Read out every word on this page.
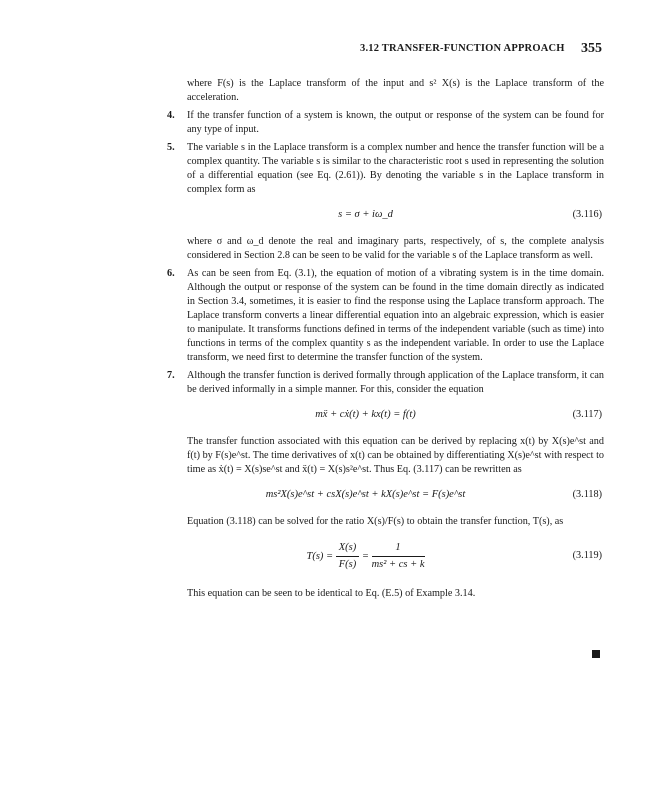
3.12 TRANSFER-FUNCTION APPROACH 355

where F(s) is the Laplace transform of the input and s² X(s) is the Laplace transform of the acceleration.

4. If the transfer function of a system is known, the output or response of the system can be found for any type of input.
5. The variable s in the Laplace transform is a complex number and hence the transfer function will be a complex quantity. The variable s is similar to the characteristic root s used in representing the solution of a differential equation (see Eq. (2.61)). By denoting the variable s in the Laplace transform in complex form as
s = σ + iω_d	(3.116)

where σ and ω_d denote the real and imaginary parts, respectively, of s, the complete analysis considered in Section 2.8 can be seen to be valid for the variable s of the Laplace transform as well.

6. As can be seen from Eq. (3.1), the equation of motion of a vibrating system is in the time domain. Although the output or response of the system can be found in the time domain directly as indicated in Section 3.4, sometimes, it is easier to find the response using the Laplace transform approach. The Laplace transform converts a linear differential equation into an algebraic expression, which is easier to manipulate. It transforms functions defined in terms of the independent variable (such as time) into functions in terms of the complex quantity s as the independent variable. In order to use the Laplace transform, we need first to determine the transfer function of the system.
7. Although the transfer function is derived formally through application of the Laplace transform, it can be derived informally in a simple manner. For this, consider the equation
mẍ + cẋ(t) + kx(t) = f(t)	(3.117)

The transfer function associated with this equation can be derived by replacing x(t) by X(s)e^st and f(t) by F(s)e^st. The time derivatives of x(t) can be obtained by differentiating X(s)e^st with respect to time as ẋ(t) = X(s)se^st and ẍ(t) = X(s)s²e^st. Thus Eq. (3.117) can be rewritten as

ms²X(s)e^st + csX(s)e^st + kX(s)e^st = F(s)e^st	(3.118)

Equation (3.118) can be solved for the ratio X(s)/F(s) to obtain the transfer function, T(s), as

$T(s) = \frac{X(s)}{F(s)} = \frac{1}{\text{ms² + cs + k}}$	(3.119)

This equation can be seen to be identical to Eq. (E.5) of Example 3.14.
